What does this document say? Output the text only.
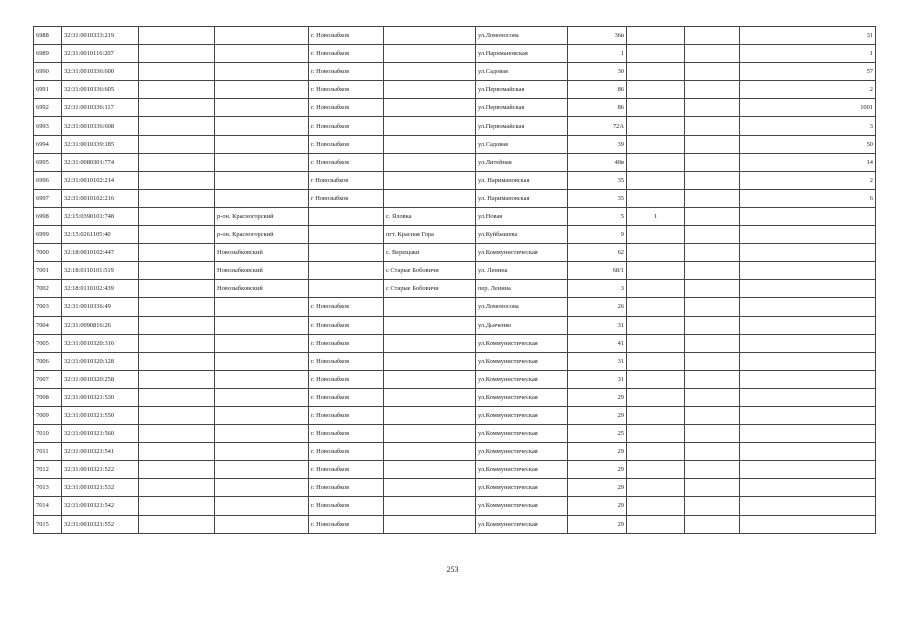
6988	32:31:0010333:219			г. Новозыбков		ул.Ломоносова	36в			31
6989	32:31:0010116:207			г. Новозыбков		ул.Наримановская	1			1
6990	32:31:0010336:600			г. Новозыбков		ул.Садовая	30			57
6991	32:31:0010336:605			г. Новозыбков		ул.Первомайская	86			2
6992	32:31:0010336:117			г. Новозыбков		ул.Первомайская	86			1001
6993	32:31:0010336:608			г. Новозыбков		ул.Первомайская	72А			3
6994	32:31:0010339:185			г. Новозыбков		ул.Садовая	39			50
6995	32:31:0080301:774			г. Новозыбков		ул.Литейная	40в			14
6996	32:31:0010102:214			г Новозыбков		ул. Наримановская	35			2
6997	32:31:0010102:216			г Новозыбков		ул. Наримановская	35			6
6998	32:15:0390101:748		р-он. Красногорский		с. Яловка	ул.Новая	5	1		
6999	32:15:0261105:40		р-он. Красногорский		пгт. Красная Гора	ул.Куйбышева	9			
7000	32:18:0010102:447		Новозыбковский		с. Верещаки	ул.Коммунистическая	62			
7001	32:18:0110101:519		Новозыбковский		с Старые Бобовичи	ул. Ленина	68/1			
7002	32:18:0110102:439		Новозыбковский		с Старые Бобовичи	пер. Ленина	3			
7003	32:31:0010336:49			г. Новозыбков		ул.Ломоносова	26			
7004	32:31:0090816:26			г. Новозыбков		ул.Дьяченко	31			
7005	32:31:0010320:316			г. Новозыбков		ул.Коммунистическая	41			
7006	32:31:0010320:128			г. Новозыбков		ул.Коммунистическая	31			
7007	32:31:0010320:258			г. Новозыбков		ул.Коммунистическая	31			
7008	32:31:0010321:530			г. Новозыбков		ул.Коммунистическая	29			
7009	32:31:0010321:550			г. Новозыбков		ул.Коммунистическая	29			
7010	32:31:0010321:560			г. Новозыбков		ул.Коммунистическая	25			
7011	32:31:0010321:541			г. Новозыбков		ул.Коммунистическая	29			
7012	32:31:0010321:522			г. Новозыбков		ул.Коммунистическая	29			
7013	32:31:0010321:532			г. Новозыбков		ул.Коммунистическая	29			
7014	32:31:0010321:542			г. Новозыбков		ул.Коммунистическая	29			
7015	32:31:0010321:552			г. Новозыбков		ул.Коммунистическая	29			
253
